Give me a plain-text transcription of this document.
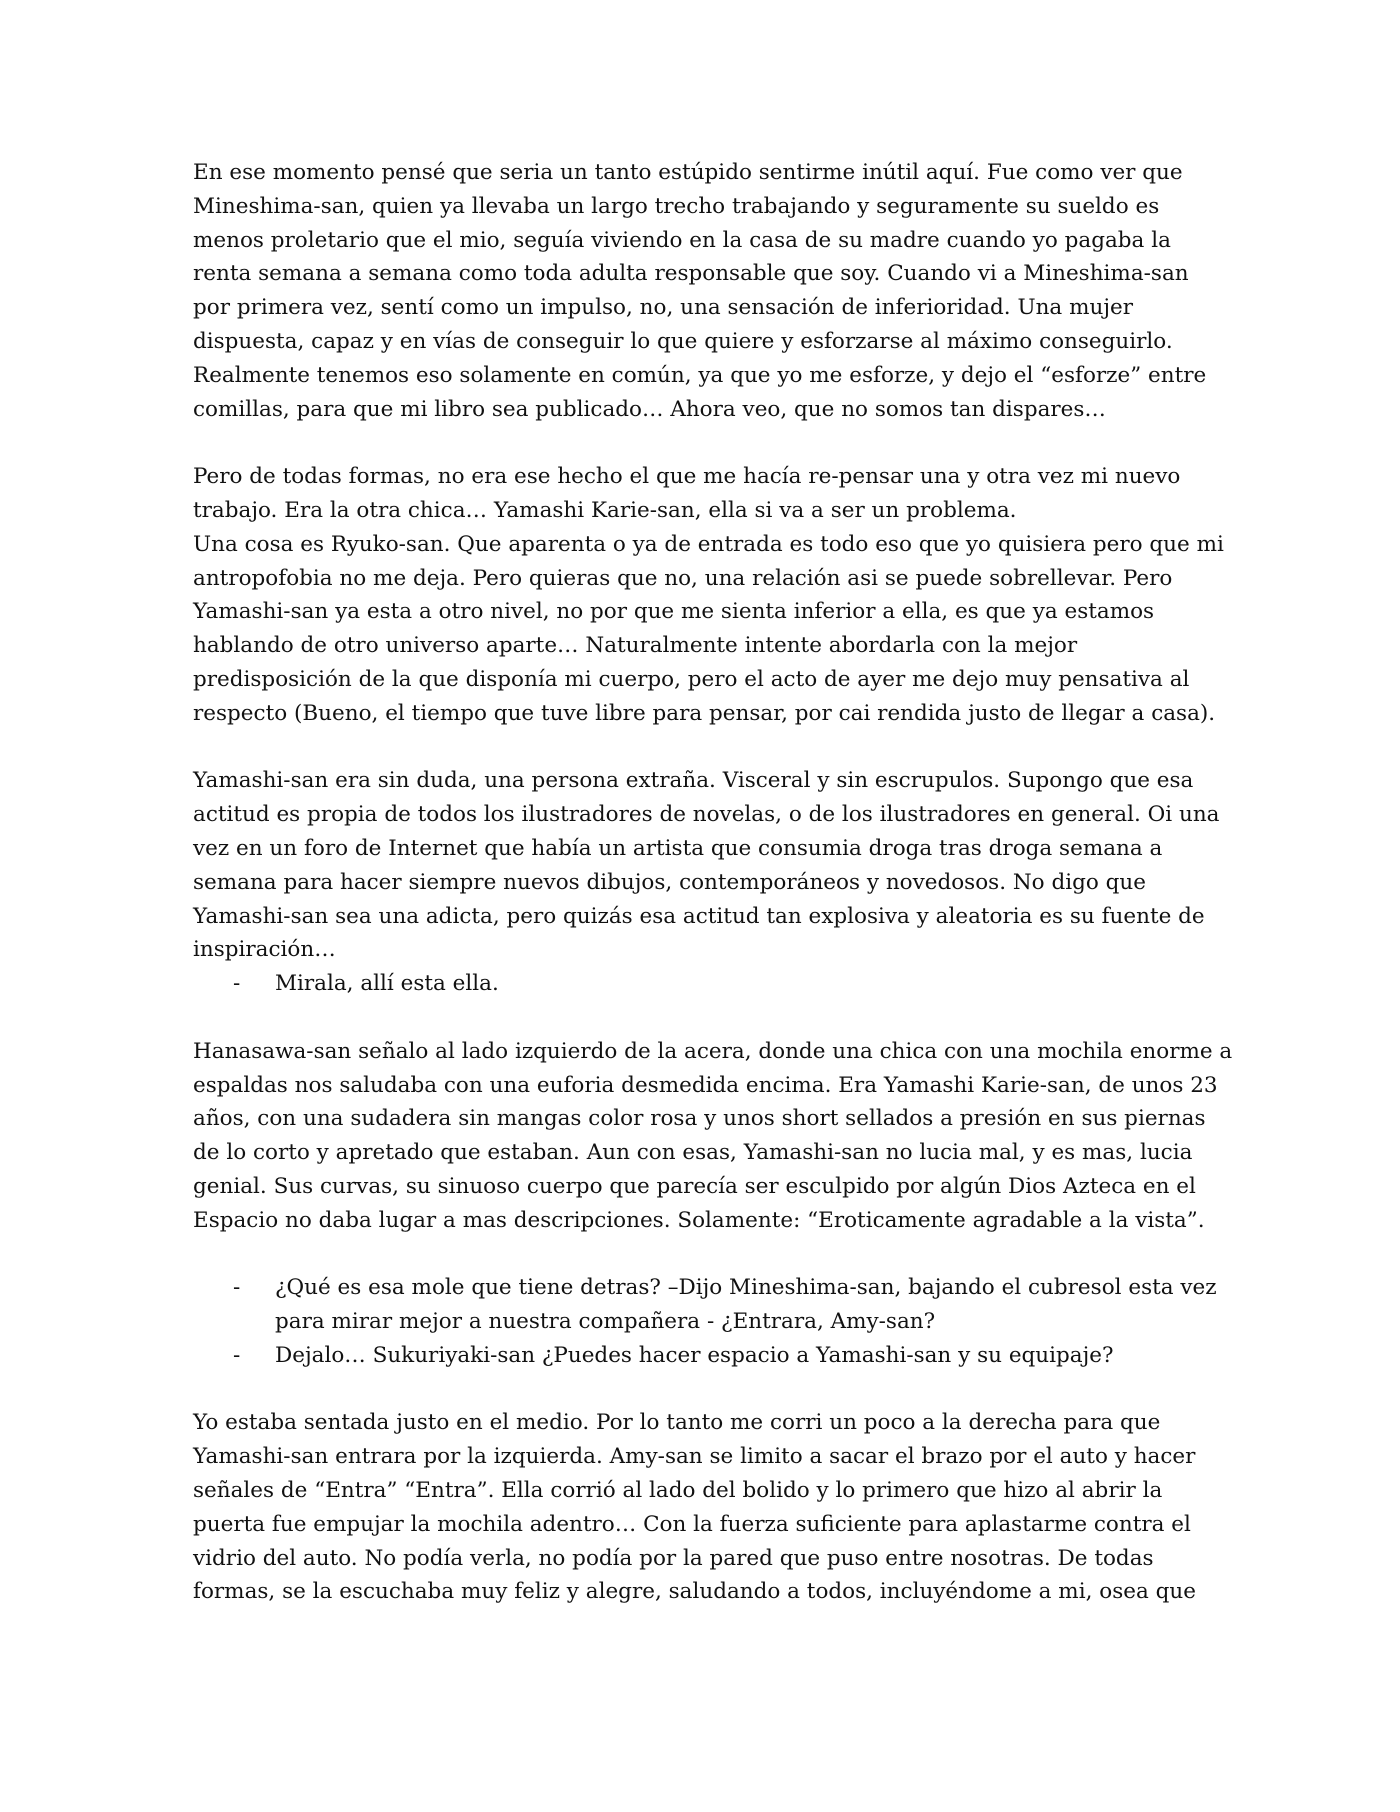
En ese momento pensé que seria un tanto estúpido sentirme inútil aquí. Fue como ver que
Mineshima-san, quien ya llevaba un largo trecho trabajando y seguramente su sueldo es
menos proletario que el mio, seguía viviendo en la casa de su madre cuando yo pagaba la
renta semana a semana como toda adulta responsable que soy. Cuando vi a Mineshima-san
por primera vez, sentí como un impulso, no, una sensación de inferioridad. Una mujer
dispuesta, capaz y en vías de conseguir lo que quiere y esforzarse al máximo conseguirlo.
Realmente tenemos eso solamente en común, ya que yo me esforze, y dejo el “esforze” entre
comillas, para que mi libro sea publicado… Ahora veo, que no somos tan dispares…
Pero de todas formas, no era ese hecho el que me hacía re-pensar una y otra vez mi nuevo
trabajo. Era la otra chica… Yamashi Karie-san, ella si va a ser un problema.
Una cosa es Ryuko-san. Que aparenta o ya de entrada es todo eso que yo quisiera pero que mi
antropofobia no me deja. Pero quieras que no, una relación asi se puede sobrellevar. Pero
Yamashi-san ya esta a otro nivel, no por que me sienta inferior a ella, es que ya estamos
hablando de otro universo aparte… Naturalmente intente abordarla con la mejor
predisposición de la que disponía mi cuerpo, pero el acto de ayer me dejo muy pensativa al
respecto (Bueno, el tiempo que tuve libre para pensar, por cai rendida justo de llegar a casa).
Yamashi-san era sin duda, una persona extraña. Visceral y sin escrupulos. Supongo que esa
actitud es propia de todos los ilustradores de novelas, o de los ilustradores en general. Oi una
vez en un foro de Internet que había un artista que consumia droga tras droga semana a
semana para hacer siempre nuevos dibujos, contemporáneos y novedosos. No digo que
Yamashi-san sea una adicta, pero quizás esa actitud tan explosiva y aleatoria es su fuente de
inspiración…
- Mirala, allí esta ella.
Hanasawa-san señalo al lado izquierdo de la acera, donde una chica con una mochila enorme a
espaldas nos saludaba con una euforia desmedida encima. Era Yamashi Karie-san, de unos 23
años, con una sudadera sin mangas color rosa y unos short sellados a presión en sus piernas
de lo corto y apretado que estaban. Aun con esas, Yamashi-san no lucia mal, y es mas, lucia
genial. Sus curvas, su sinuoso cuerpo que parecía ser esculpido por algún Dios Azteca en el
Espacio no daba lugar a mas descripciones. Solamente: “Eroticamente agradable a la vista”.
- ¿Qué es esa mole que tiene detras? –Dijo Mineshima-san, bajando el cubresol esta vez
para mirar mejor a nuestra compañera - ¿Entrara, Amy-san?
- Dejalo… Sukuriyaki-san ¿Puedes hacer espacio a Yamashi-san y su equipaje?
Yo estaba sentada justo en el medio. Por lo tanto me corri un poco a la derecha para que
Yamashi-san entrara por la izquierda. Amy-san se limito a sacar el brazo por el auto y hacer
señales de “Entra” “Entra”. Ella corrió al lado del bolido y lo primero que hizo al abrir la
puerta fue empujar la mochila adentro… Con la fuerza suficiente para aplastarme contra el
vidrio del auto. No podía verla, no podía por la pared que puso entre nosotras. De todas
formas, se la escuchaba muy feliz y alegre, saludando a todos, incluyéndome a mi, osea que
